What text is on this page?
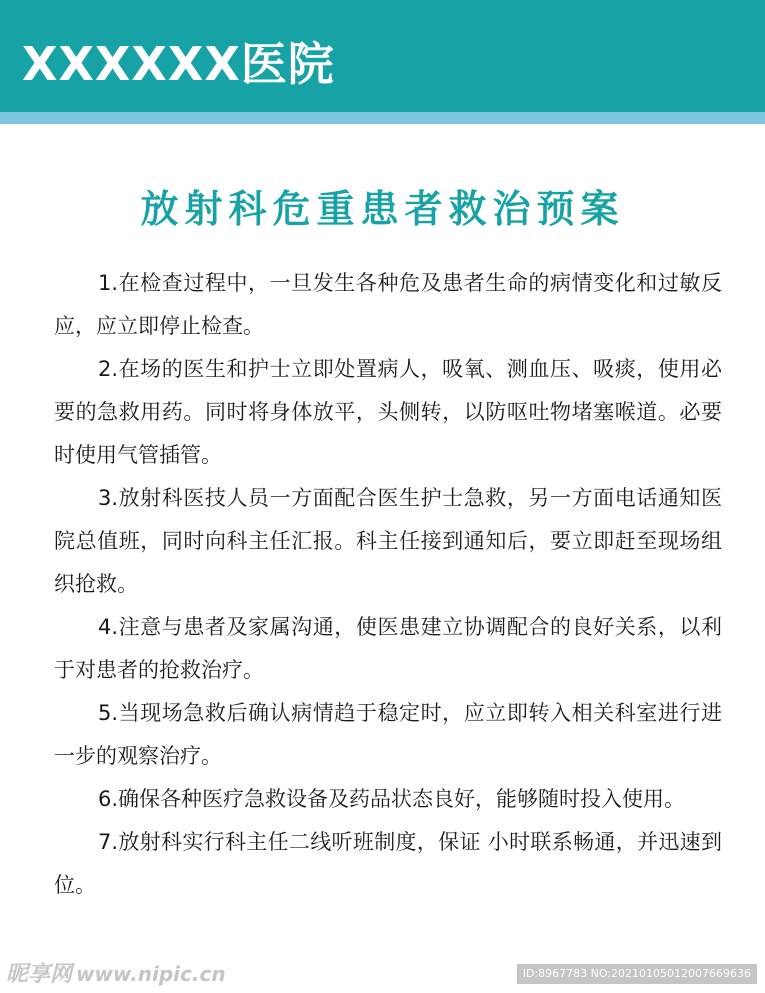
XXXXXX医院
放射科危重患者救治预案

1.在检查过程中，一旦发生各种危及患者生命的病情变化和过敏反应，应立即停止检查。

2.在场的医生和护士立即处置病人，吸氧、测血压、吸痰，使用必要的急救用药。同时将身体放平，头侧转，以防呕吐物堵塞喉道。必要时使用气管插管。

3.放射科医技人员一方面配合医生护士急救，另一方面电话通知医院总值班，同时向科主任汇报。科主任接到通知后，要立即赶至现场组织抢救。

4.注意与患者及家属沟通，使医患建立协调配合的良好关系，以利于对患者的抢救治疗。

5.当现场急救后确认病情趋于稳定时，应立即转入相关科室进行进一步的观察治疗。

6.确保各种医疗急救设备及药品状态良好，能够随时投入使用。

7.放射科实行科主任二线听班制度，保证 小时联系畅通，并迅速到位。

昵享网 www.nipic.cn	ID:8967783 NO:20210105012007669636
